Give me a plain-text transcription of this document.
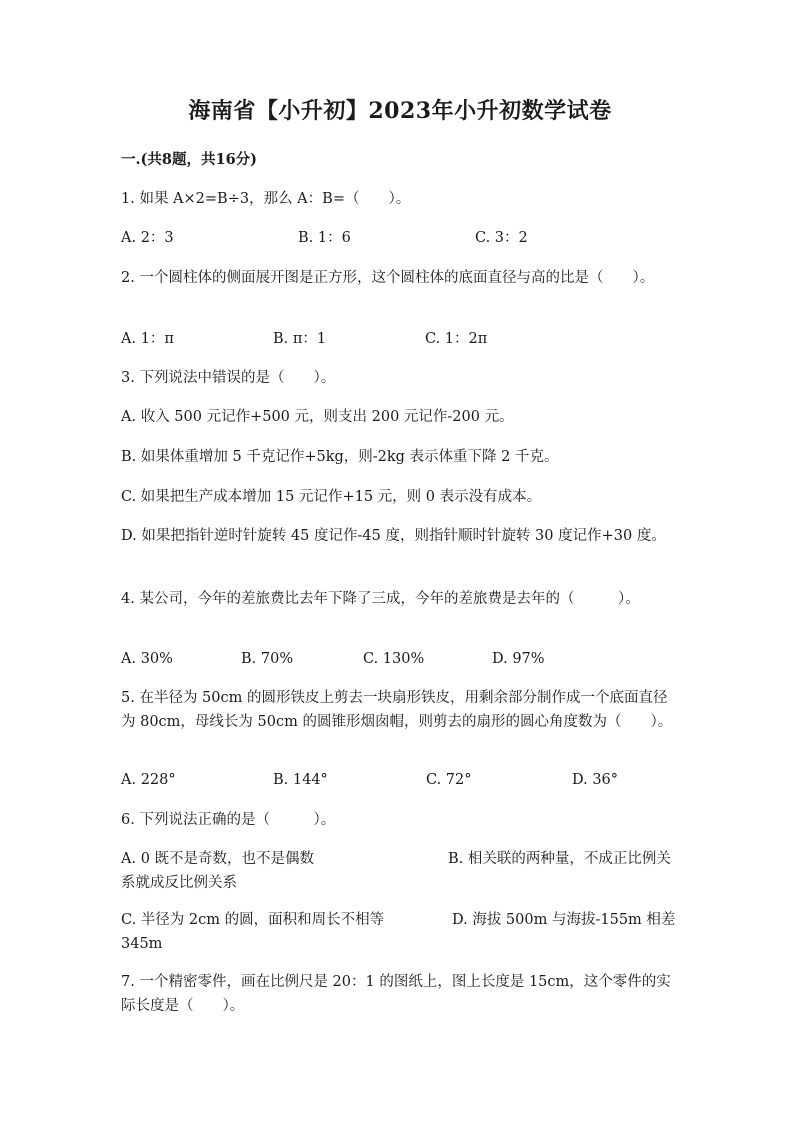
海南省【小升初】2023年小升初数学试卷
一.(共8题，共16分)
1. 如果 A×2=B÷3，那么 A：B=（　　）。
A. 2：3	B. 1：6	C. 3：2
2. 一个圆柱体的侧面展开图是正方形，这个圆柱体的底面直径与高的比是（　　）。
A. 1：π	B. π：1	C. 1：2π
3. 下列说法中错误的是（　　）。
A. 收入 500 元记作+500 元，则支出 200 元记作-200 元。
B. 如果体重增加 5 千克记作+5kg，则-2kg 表示体重下降 2 千克。
C. 如果把生产成本增加 15 元记作+15 元，则 0 表示没有成本。
D. 如果把指针逆时针旋转 45 度记作-45 度，则指针顺时针旋转 30 度记作+30 度。
4. 某公司，今年的差旅费比去年下降了三成，今年的差旅费是去年的（　　　）。
A. 30%	B. 70%	C. 130%	D. 97%
5. 在半径为 50cm 的圆形铁皮上剪去一块扇形铁皮，用剩余部分制作成一个底面直径为 80cm，母线长为 50cm 的圆锥形烟囱帽，则剪去的扇形的圆心角度数为（　　）。
A. 228°	B. 144°	C. 72°	D. 36°
6. 下列说法正确的是（　　　）。
A. 0 既不是奇数，也不是偶数	B. 相关联的两种量，不成正比例关系就成反比例关系
C. 半径为 2cm 的圆，面积和周长不相等	D. 海拔 500m 与海拔-155m 相差 345m
7. 一个精密零件，画在比例尺是 20：1 的图纸上，图上长度是 15cm，这个零件的实际长度是（　　）。
